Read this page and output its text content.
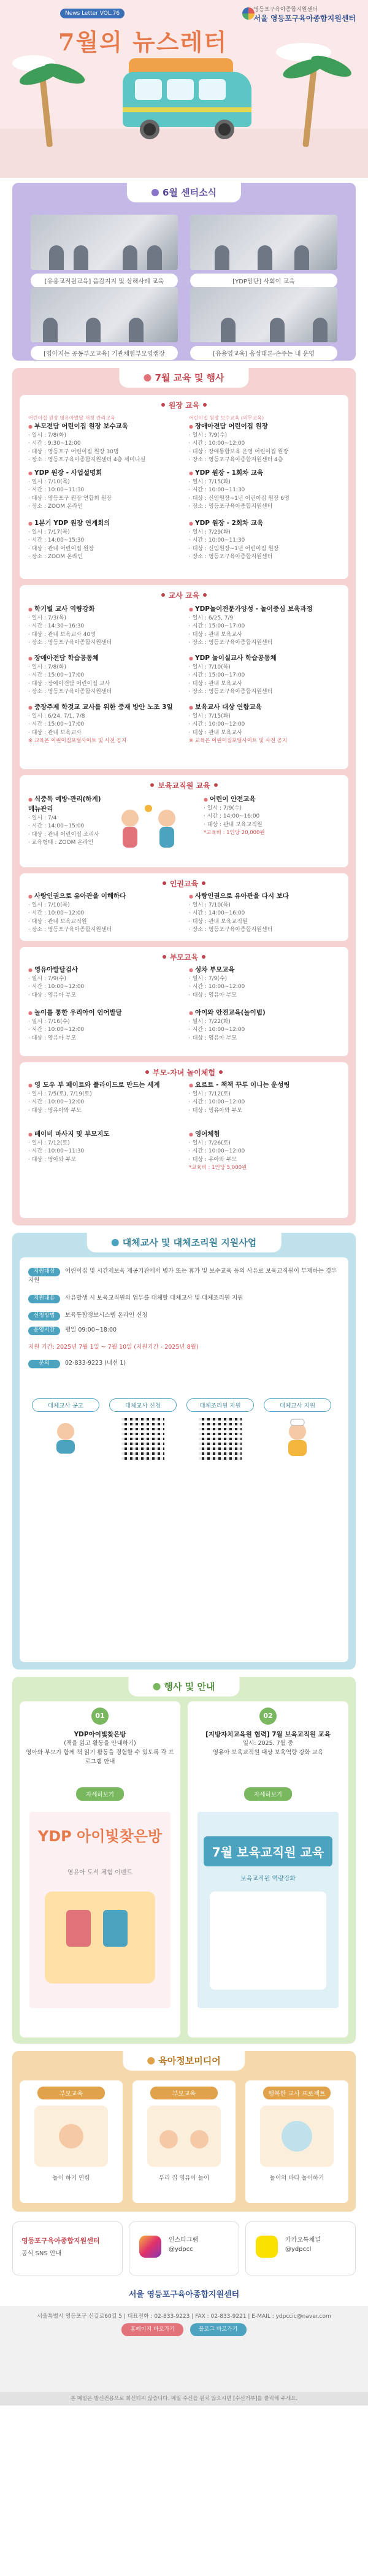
News Letter VOL.76
7월의 뉴스레터
영등포구육아종합지원센터
서울 영등포구육아종합지원센터
6월 센터소식
[유용교직원교육] 음감지지 및 상해사례 교육	[YDP맘단] 사회이 교육
[영아지는 공동부모교육] 기관체험부모영캠장	[유용영교육] 음성대론-손주는 내 운명
7월 교육 및 행사
원장 교육
어린이집 원장 영유아발달 재정 관리교육
● 부모전담 어린이집 원장 보수교육
· 일시 : 7/8(화)
· 시간 : 9:30~12:00
· 대상 : 영등포구 어린이집 원장 30명
· 장소 : 영등포구육아종합지원센터 4층 세미나실
어린이집 원장 보수교육 (의무교육)
● 장애아전담 어린이집 원장
· 일시 : 7/9(수)
· 시간 : 10:00~12:00
· 대상 : 장애통합보육 운영 어린이집 원장
· 장소 : 영등포구육아종합지원센터 4층
● YDP 원장 - 사업설명회
· 일시 : 7/10(목)
· 시간 : 10:00~11:30
· 대상 : 영등포구 원장 연합회 원장
· 장소 : ZOOM 온라인
● YDP 원장 - 1회차 교육
· 일시 : 7/15(화)
· 시간 : 10:00~11:30
· 대상 : 신임원장~1년 어린이집 원장 6명
· 장소 : 영등포구육아종합지원센터
● 1분기 YDP 원장 연계회의
· 일시 : 7/17(목)
· 시간 : 14:00~15:30
· 대상 : 관내 어린이집 원장
· 장소 : ZOOM 온라인
● YDP 원장 - 2회차 교육
· 일시 : 7/29(화)
· 시간 : 10:00~11:30
· 대상 : 신임원장~1년 어린이집 원장
· 장소 : 영등포구육아종합지원센터
교사 교육
● 학기별 교사 역량강화
· 일시 : 7/3(목)
· 시간 : 14:30~16:30
· 대상 : 관내 보육교사 40명
· 장소 : 영등포구육아종합지원센터
● YDP놀이전문가양성 - 놀이중심 보육과정
· 일시 : 6/25, 7/9
· 시간 : 15:00~17:00
· 대상 : 관내 보육교사
· 장소 : 영등포구육아종합지원센터
● 장애아전담 학습공동체
· 일시 : 7/8(화)
· 시간 : 15:00~17:00
· 대상 : 장애아전담 어린이집 교사
· 장소 : 영등포구육아종합지원센터
● YDP 놀이실교사 학습공동체
· 일시 : 7/10(목)
· 시간 : 15:00~17:00
· 대상 : 관내 보육교사
· 장소 : 영등포구육아종합지원센터
● 중장주제 학것교 교사를 위한 중재 방안 노조 3일
· 일시 : 6/24, 7/1, 7/8
· 시간 : 15:00~17:00
· 대상 : 관내 보육교사
※ 교육은 어린이집포털사이트 및 사전 공지
● 보육교사 대상 연합교육
· 일시 : 7/15(화)
· 시간 : 10:00~12:00
· 대상 : 관내 보육교사
※ 교육은 어린이집포털사이트 및 사전 공지
보육교직원 교육
● 식중독 예방·관리(하계) 메뉴관리
· 일시 : 7/4
· 시간 : 14:00~15:00
· 대상 : 관내 어린이집 조리사
· 교육형태 : ZOOM 온라인
● 어린이 안전교육
· 일시 : 7/9(수)
· 시간 : 14:00~16:00
· 대상 : 관내 보육교직원
*교육비 : 1인당 20,000원
인권교육
● 사랑인권으로 유아관을 이해하다
· 일시 : 7/10(목)
· 시간 : 10:00~12:00
· 대상 : 관내 보육교직원
· 장소 : 영등포구육아종합지원센터
● 사랑인권으로 유아관을 다시 보다
· 일시 : 7/10(목)
· 시간 : 14:00~16:00
· 대상 : 관내 보육교직원
· 장소 : 영등포구육아종합지원센터
부모교육
● 영유아발달검사
· 일시 : 7/9(수)
· 시간 : 10:00~12:00
· 대상 : 영유아 부모
● 성차 부모교육
· 일시 : 7/9(수)
· 시간 : 10:00~12:00
· 대상 : 영유아 부모
● 놀이를 통한 우리아이 언어발달
· 일시 : 7/16(수)
· 시간 : 10:00~12:00
· 대상 : 영유아 부모
● 아이와 안전교육(놀이법)
· 일시 : 7/22(화)
· 시간 : 10:00~12:00
· 대상 : 영유아 부모
부모-자녀 놀이체험
● 영 도우 부 페이트와 플라이드로 만드는 세계
· 일시 : 7/5(토), 7/19(토)
· 시간 : 10:00~12:00
· 대상 : 영유아와 부모
● 요르트 - 책책 꾸루 이니는 운성링
· 일시 : 7/12(토)
· 시간 : 10:00~12:00
· 대상 : 영유아와 부모
● 베이비 마사지 및 부모지도
· 일시 : 7/12(토)
· 시간 : 10:00~11:30
· 대상 : 영아와 부모
● 영어체험
· 일시 : 7/26(토)
· 시간 : 10:00~12:00
· 대상 : 유아와 부모
*교육비 : 1인당 5,000원
대체교사 및 대체조리원 지원사업
지원대상 어린이집 및 시간제보육 제공기관에서 병가 또는 휴가 및 보수교육 등의 사유로 보육교직원이 부재하는 경우 지원
지원내용 사유발생 시 보육교직원의 업무를 대체할 대체교사 및 대체조리원 지원
신청방법 보육통합정보시스템 온라인 신청
운영시간 평일 09:00~18:00
지원 기간: 2025년 7월 1일 ~ 7월 10일 (지원기간 - 2025년 8월)
문의	02-833-9223 (내선 1)
대체교사 공고	대체교사 신청	대체조리원 지원	대체교사 지원
행사 및 안내
01
YDP아이빛찾은방
(책을 읽고 활동을 안내하기)
영아와 부모가 함께 책 읽기 활동을 경험할 수 있도록 각 프로그램 안내
자세히보기
YDP 아이빛찾은방
영유아 도서 체험 이벤트
02
[지방자치교육원 협력] 7월 보육교직원 교육
일시: 2025. 7월 중
영유아 보육교직원 대상 보육역량 강화 교육
자세히보기
7월 보육교직원 교육
보육교직원 역량강화
육아정보미디어
부모교육
놀이 하기 연령
부모교육
우리 집 영유아 놀이
행복한 교사 프로젝트
놀이의 바다 놀이하기
영등포구육아종합지원센터
공식 SNS 안내
인스타그램
@ydpcc
카카오톡채널
@ydpccl
서울 영등포구육아종합지원센터
서울특별시 영등포구 신길로60길 5 | 대표전화 : 02-833-9223 | FAX : 02-833-9221 | E-MAIL : ydpccic@naver.com
홈페이지 바로가기	블로그 바로가기
본 메일은 발신전용으로 회신되지 않습니다. 메일 수신을 원치 않으시면 [수신거부]를 클릭해 주세요.
